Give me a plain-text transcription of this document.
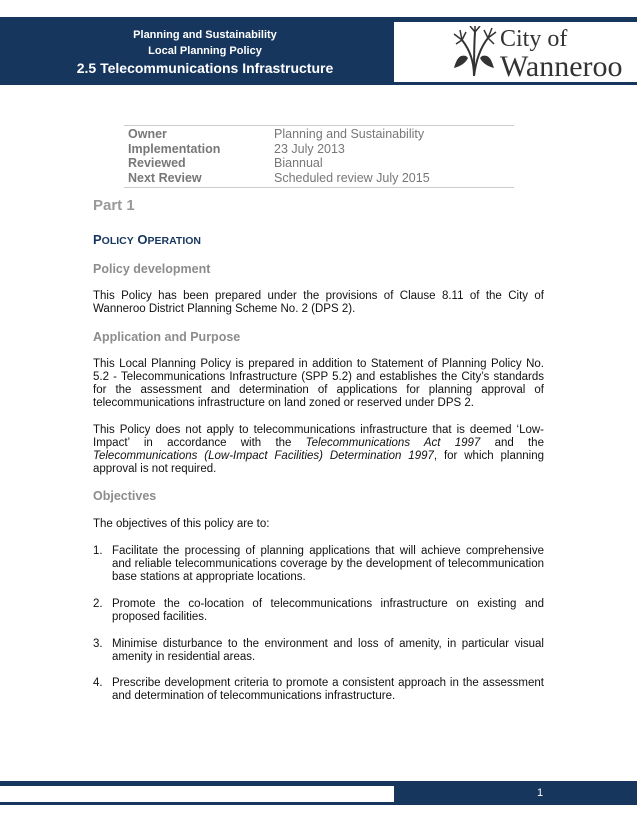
Planning and Sustainability
Local Planning Policy
2.5 Telecommunications Infrastructure
City of
Wanneroo
Owner	Planning and Sustainability
Implementation	23 July 2013
Reviewed	Biannual
Next Review	Scheduled review July 2015
Part 1
POLICY OPERATION
Policy development

This Policy has been prepared under the provisions of Clause 8.11 of the City of Wanneroo District Planning Scheme No. 2 (DPS 2).

Application and Purpose

This Local Planning Policy is prepared in addition to Statement of Planning Policy No. 5.2 - Telecommunications Infrastructure (SPP 5.2) and establishes the City’s standards for the assessment and determination of applications for planning approval of telecommunications infrastructure on land zoned or reserved under DPS 2.

This Policy does not apply to telecommunications infrastructure that is deemed ‘Low-Impact’ in accordance with the Telecommunications Act 1997 and the Telecommunications (Low-Impact Facilities) Determination 1997, for which planning approval is not required.

Objectives

The objectives of this policy are to:

1. Facilitate the processing of planning applications that will achieve comprehensive and reliable telecommunications coverage by the development of telecommunication base stations at appropriate locations.
2. Promote the co-location of telecommunications infrastructure on existing and proposed facilities.
3. Minimise disturbance to the environment and loss of amenity, in particular visual amenity in residential areas.
4. Prescribe development criteria to promote a consistent approach in the assessment and determination of telecommunications infrastructure.
1
